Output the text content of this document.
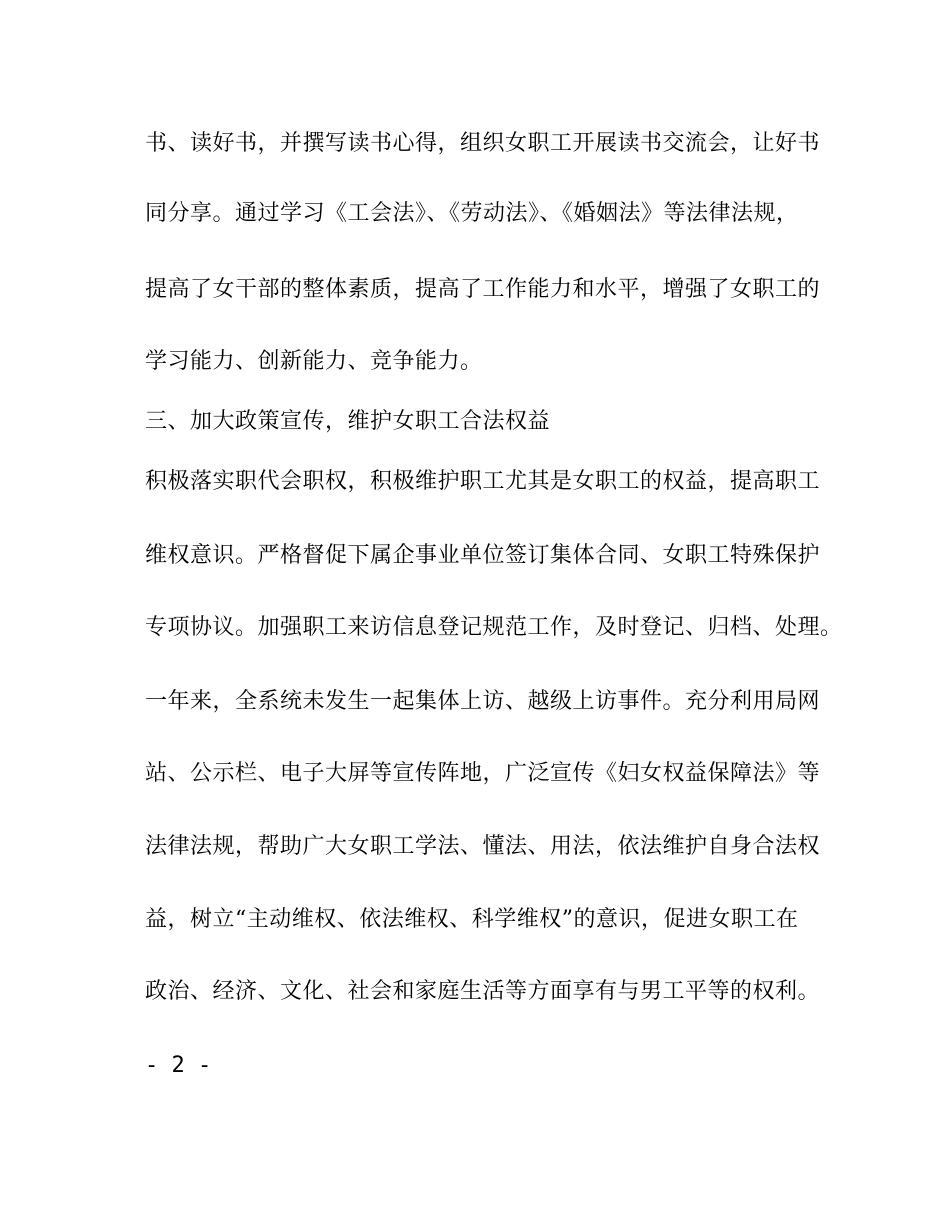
书、读好书，并撰写读书心得，组织女职工开展读书交流会，让好书
同分享。通过学习《工会法》、《劳动法》、《婚姻法》等法律法规，
提高了女干部的整体素质，提高了工作能力和水平，增强了女职工的
学习能力、创新能力、竞争能力。
三、加大政策宣传，维护女职工合法权益
积极落实职代会职权，积极维护职工尤其是女职工的权益，提高职工
维权意识。严格督促下属企事业单位签订集体合同、女职工特殊保护
专项协议。加强职工来访信息登记规范工作，及时登记、归档、处理。
一年来，全系统未发生一起集体上访、越级上访事件。充分利用局网
站、公示栏、电子大屏等宣传阵地，广泛宣传《妇女权益保障法》等
法律法规，帮助广大女职工学法、懂法、用法，依法维护自身合法权
益，树立“主动维权、依法维权、科学维权”的意识，促进女职工在
政治、经济、文化、社会和家庭生活等方面享有与男工平等的权利。
- 2 -
